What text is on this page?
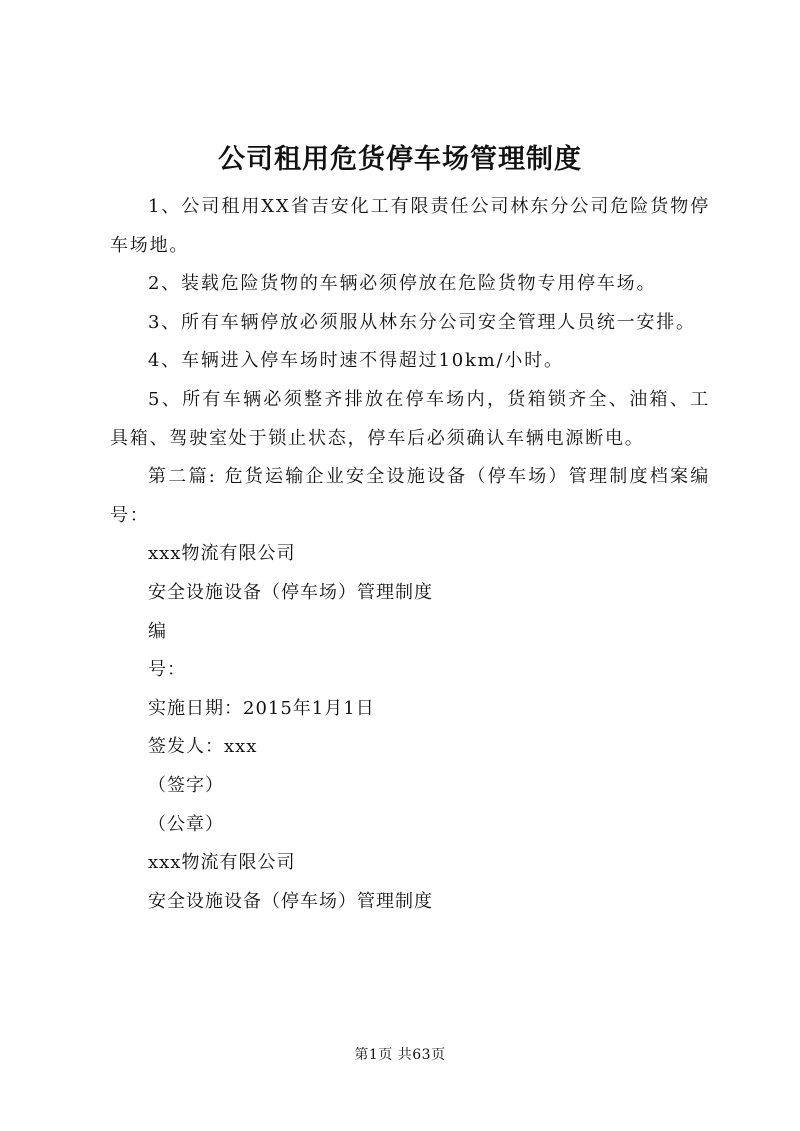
公司租用危货停车场管理制度

1、公司租用XX省吉安化工有限责任公司林东分公司危险货物停车场地。

2、装载危险货物的车辆必须停放在危险货物专用停车场。

3、所有车辆停放必须服从林东分公司安全管理人员统一安排。

4、车辆进入停车场时速不得超过10km/小时。

5、所有车辆必须整齐排放在停车场内，货箱锁齐全、油箱、工具箱、驾驶室处于锁止状态，停车后必须确认车辆电源断电。

第二篇: 危货运输企业安全设施设备（停车场）管理制度档案编号：

xxx物流有限公司

安全设施设备（停车场）管理制度

编

号：

实施日期：2015年1月1日

签发人：xxx

（签字）

（公章）

xxx物流有限公司

安全设施设备（停车场）管理制度

第1页 共63页
